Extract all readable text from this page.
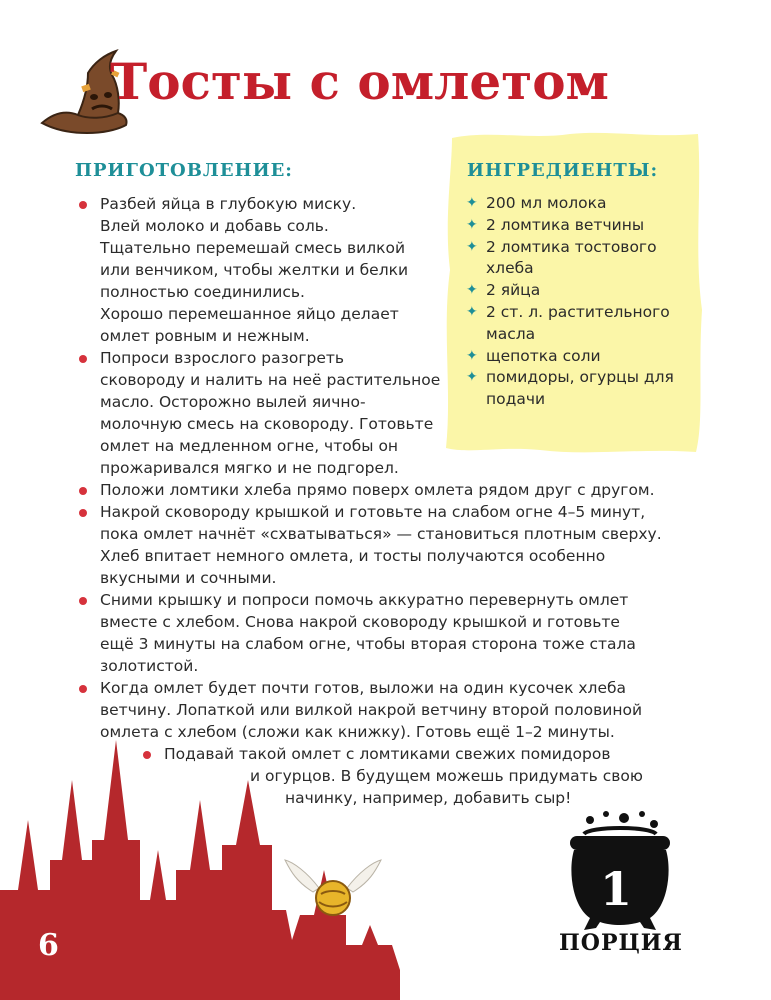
Тосты с омлетом
ИНГРЕДИЕНТЫ:
✦ 200 мл молока
✦ 2 ломтика ветчины
✦ 2 ломтика тостового хлеба
✦ 2 яйца
✦ 2 ст. л. растительного масла
✦ щепотка соли
✦ помидоры, огурцы для подачи
ПРИГОТОВЛЕНИЕ:
Разбей яйца в глубокую миску.
Влей молоко и добавь соль.
Тщательно перемешай смесь вилкой
или венчиком, чтобы желтки и белки
полностью соединились.
Хорошо перемешанное яйцо делает
омлет ровным и нежным.
Попроси взрослого разогреть
сковороду и налить на неё растительное
масло. Осторожно вылей яично-
молочную смесь на сковороду. Готовьте
омлет на медленном огне, чтобы он
прожаривался мягко и не подгорел.
Положи ломтики хлеба прямо поверх омлета рядом друг с другом.
Накрой сковороду крышкой и готовьте на слабом огне 4–5 минут,
пока омлет начнёт «схватываться» — становиться плотным сверху.
Хлеб впитает немного омлета, и тосты получаются особенно
вкусными и сочными.
Сними крышку и попроси помочь аккуратно перевернуть омлет
вместе с хлебом. Снова накрой сковороду крышкой и готовьте
ещё 3 минуты на слабом огне, чтобы вторая сторона тоже стала
золотистой.
Когда омлет будет почти готов, выложи на один кусочек хлеба
ветчину. Лопаткой или вилкой накрой ветчину второй половиной
омлета с хлебом (сложи как книжку). Готовь ещё 1–2 минуты.
Подавай такой омлет с ломтиками свежих помидоров
и огурцов. В будущем можешь придумать свою
начинку, например, добавить сыр!
6
1
ПОРЦИЯ
